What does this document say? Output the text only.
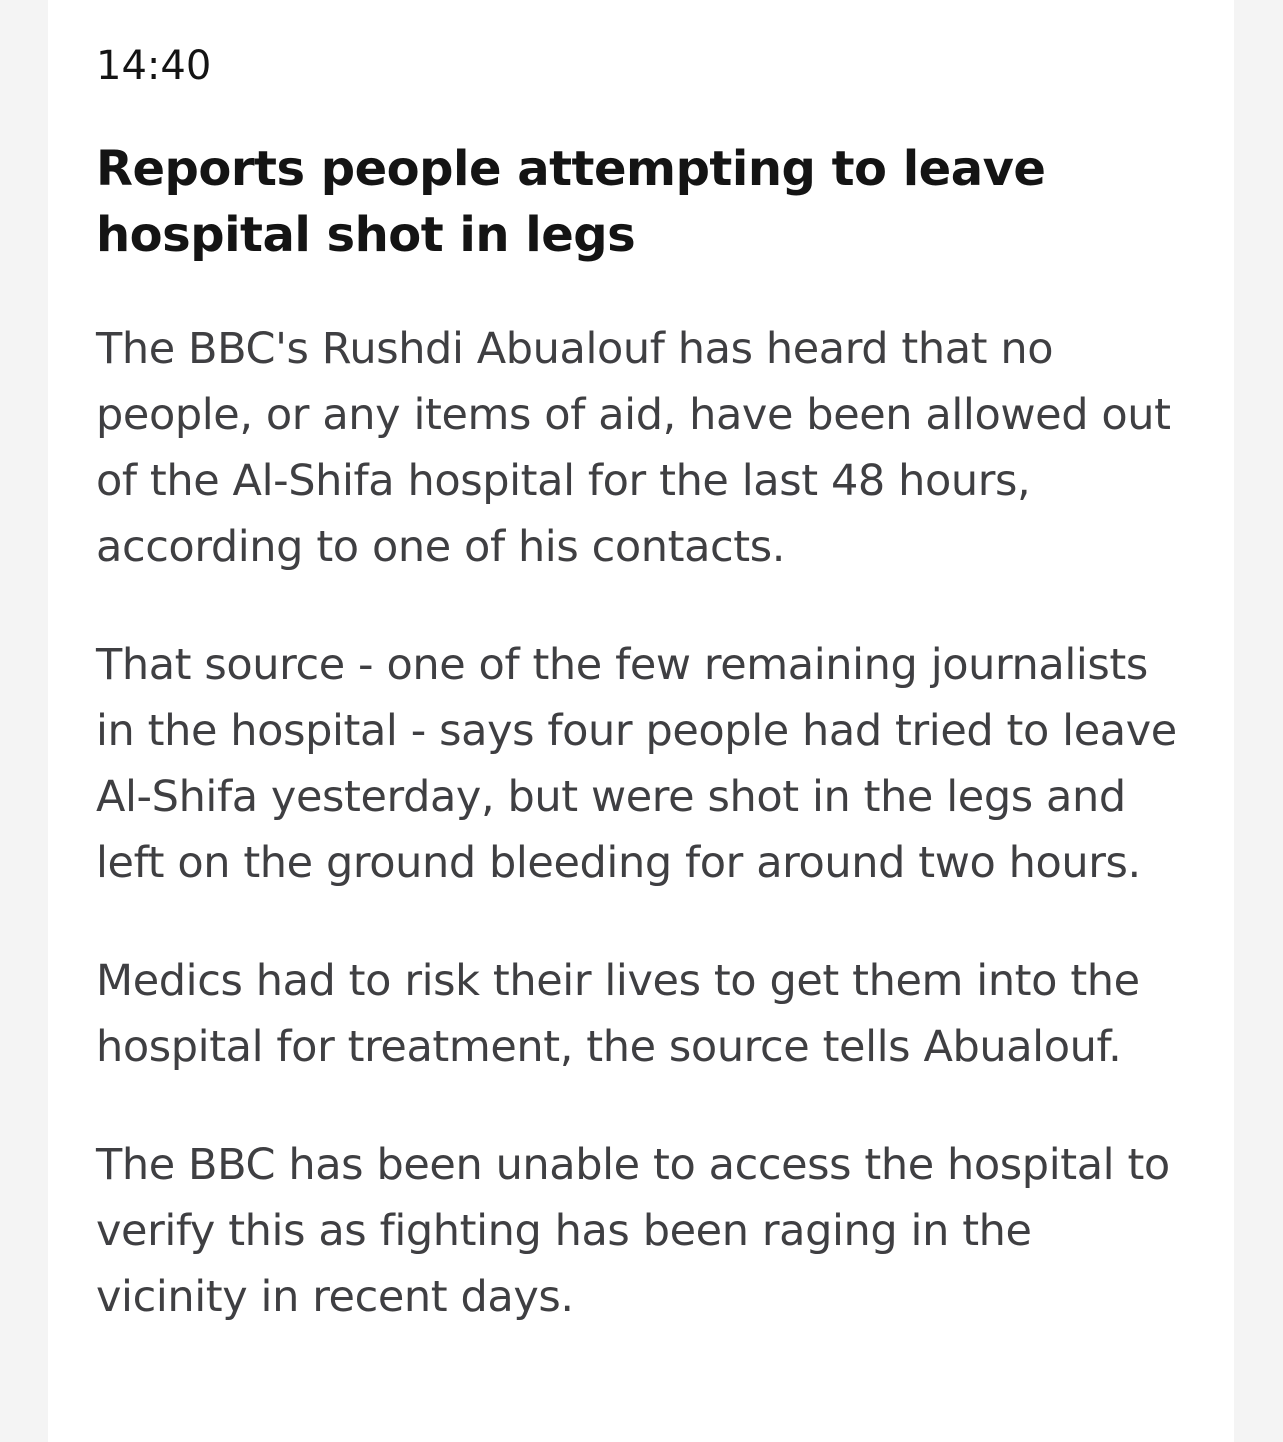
14:40

Reports people attempting to leave hospital shot in legs

The BBC's Rushdi Abualouf has heard that no people, or any items of aid, have been allowed out of the Al-Shifa hospital for the last 48 hours, according to one of his contacts.

That source - one of the few remaining journalists in the hospital - says four people had tried to leave Al-Shifa yesterday, but were shot in the legs and left on the ground bleeding for around two hours.

Medics had to risk their lives to get them into the hospital for treatment, the source tells Abualouf.

The BBC has been unable to access the hospital to verify this as fighting has been raging in the vicinity in recent days.
